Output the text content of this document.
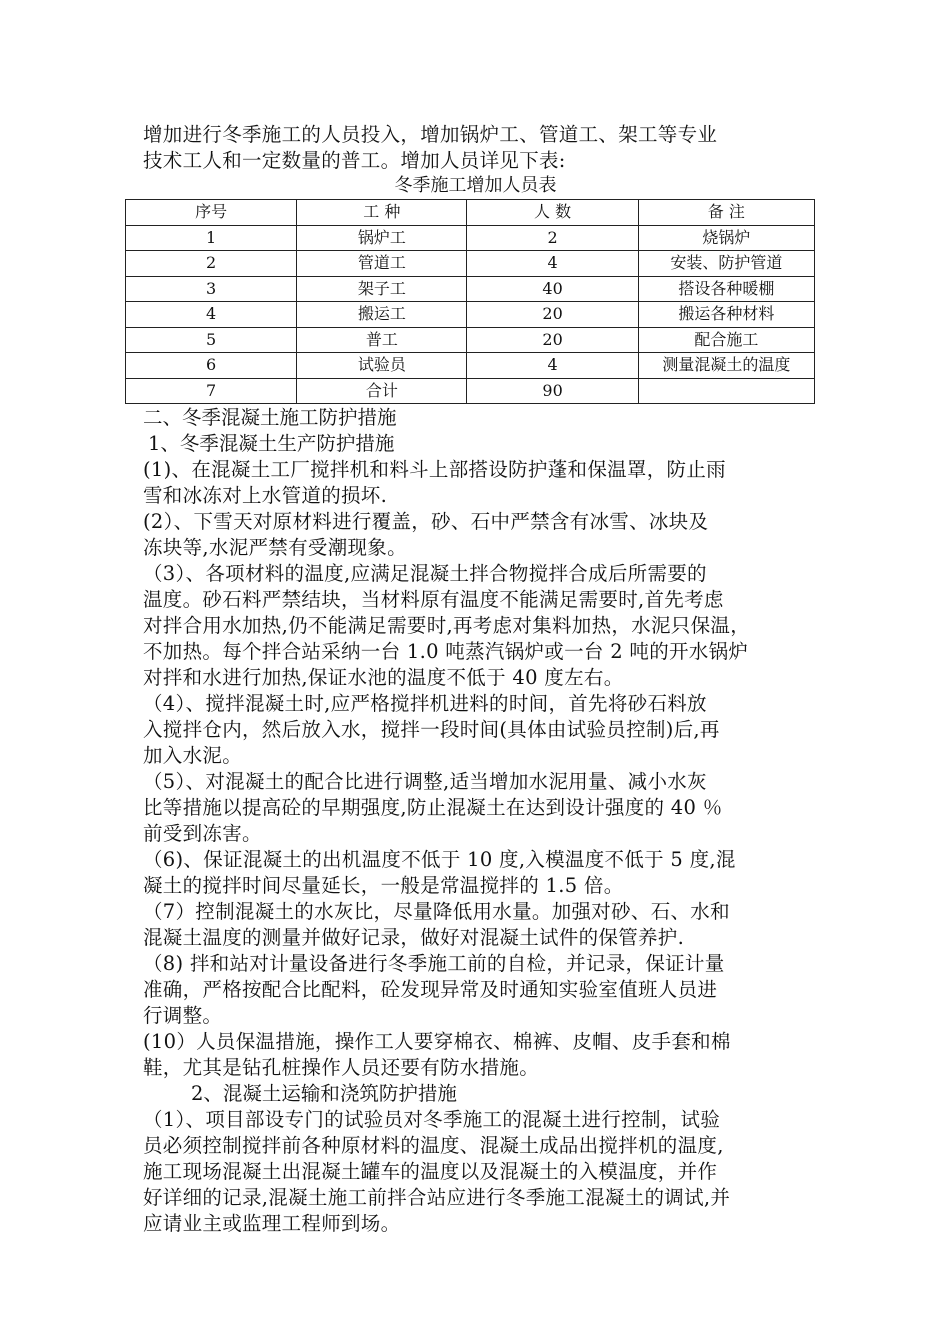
增加进行冬季施工的人员投入，增加锅炉工、管道工、架工等专业

技术工人和一定数量的普工。增加人员详见下表:

冬季施工增加人员表

序号	工 种	人 数	备 注
1	锅炉工	2	烧锅炉
2	管道工	4	安装、防护管道
3	架子工	40	搭设各种暖棚
4	搬运工	20	搬运各种材料
5	普工	20	配合施工
6	试验员	4	测量混凝土的温度
7	合计	90	

二、冬季混凝土施工防护措施

1、冬季混凝土生产防护措施

(1)、在混凝土工厂搅拌机和料斗上部搭设防护蓬和保温罩，防止雨

雪和冰冻对上水管道的损坏.

(2）、下雪天对原材料进行覆盖，砂、石中严禁含有冰雪、冰块及

冻块等,水泥严禁有受潮现象。

（3）、各项材料的温度,应满足混凝土拌合物搅拌合成后所需要的

温度。砂石料严禁结块，当材料原有温度不能满足需要时,首先考虑

对拌合用水加热,仍不能满足需要时,再考虑对集料加热，水泥只保温，

不加热。每个拌合站采纳一台 1.0 吨蒸汽锅炉或一台 2 吨的开水锅炉

对拌和水进行加热,保证水池的温度不低于 40 度左右。

（4）、搅拌混凝土时,应严格搅拌机进料的时间，首先将砂石料放

入搅拌仓内，然后放入水，搅拌一段时间(具体由试验员控制)后,再

加入水泥。

（5）、对混凝土的配合比进行调整,适当增加水泥用量、减小水灰

比等措施以提高砼的早期强度,防止混凝土在达到设计强度的 40 ％

前受到冻害。

（6)、保证混凝土的出机温度不低于 10 度,入模温度不低于 5 度,混

凝土的搅拌时间尽量延长，一般是常温搅拌的 1.5 倍。

（7）控制混凝土的水灰比，尽量降低用水量。加强对砂、石、水和

混凝土温度的测量并做好记录，做好对混凝土试件的保管养护.

（8) 拌和站对计量设备进行冬季施工前的自检，并记录，保证计量

准确，严格按配合比配料，砼发现异常及时通知实验室值班人员进

行调整。

(10）人员保温措施，操作工人要穿棉衣、棉裤、皮帽、皮手套和棉

鞋，尤其是钻孔桩操作人员还要有防水措施。

2、混凝土运输和浇筑防护措施

（1）、项目部设专门的试验员对冬季施工的混凝土进行控制，试验

员必须控制搅拌前各种原材料的温度、混凝土成品出搅拌机的温度,

施工现场混凝土出混凝土罐车的温度以及混凝土的入模温度，并作

好详细的记录,混凝土施工前拌合站应进行冬季施工混凝土的调试,并

应请业主或监理工程师到场。
